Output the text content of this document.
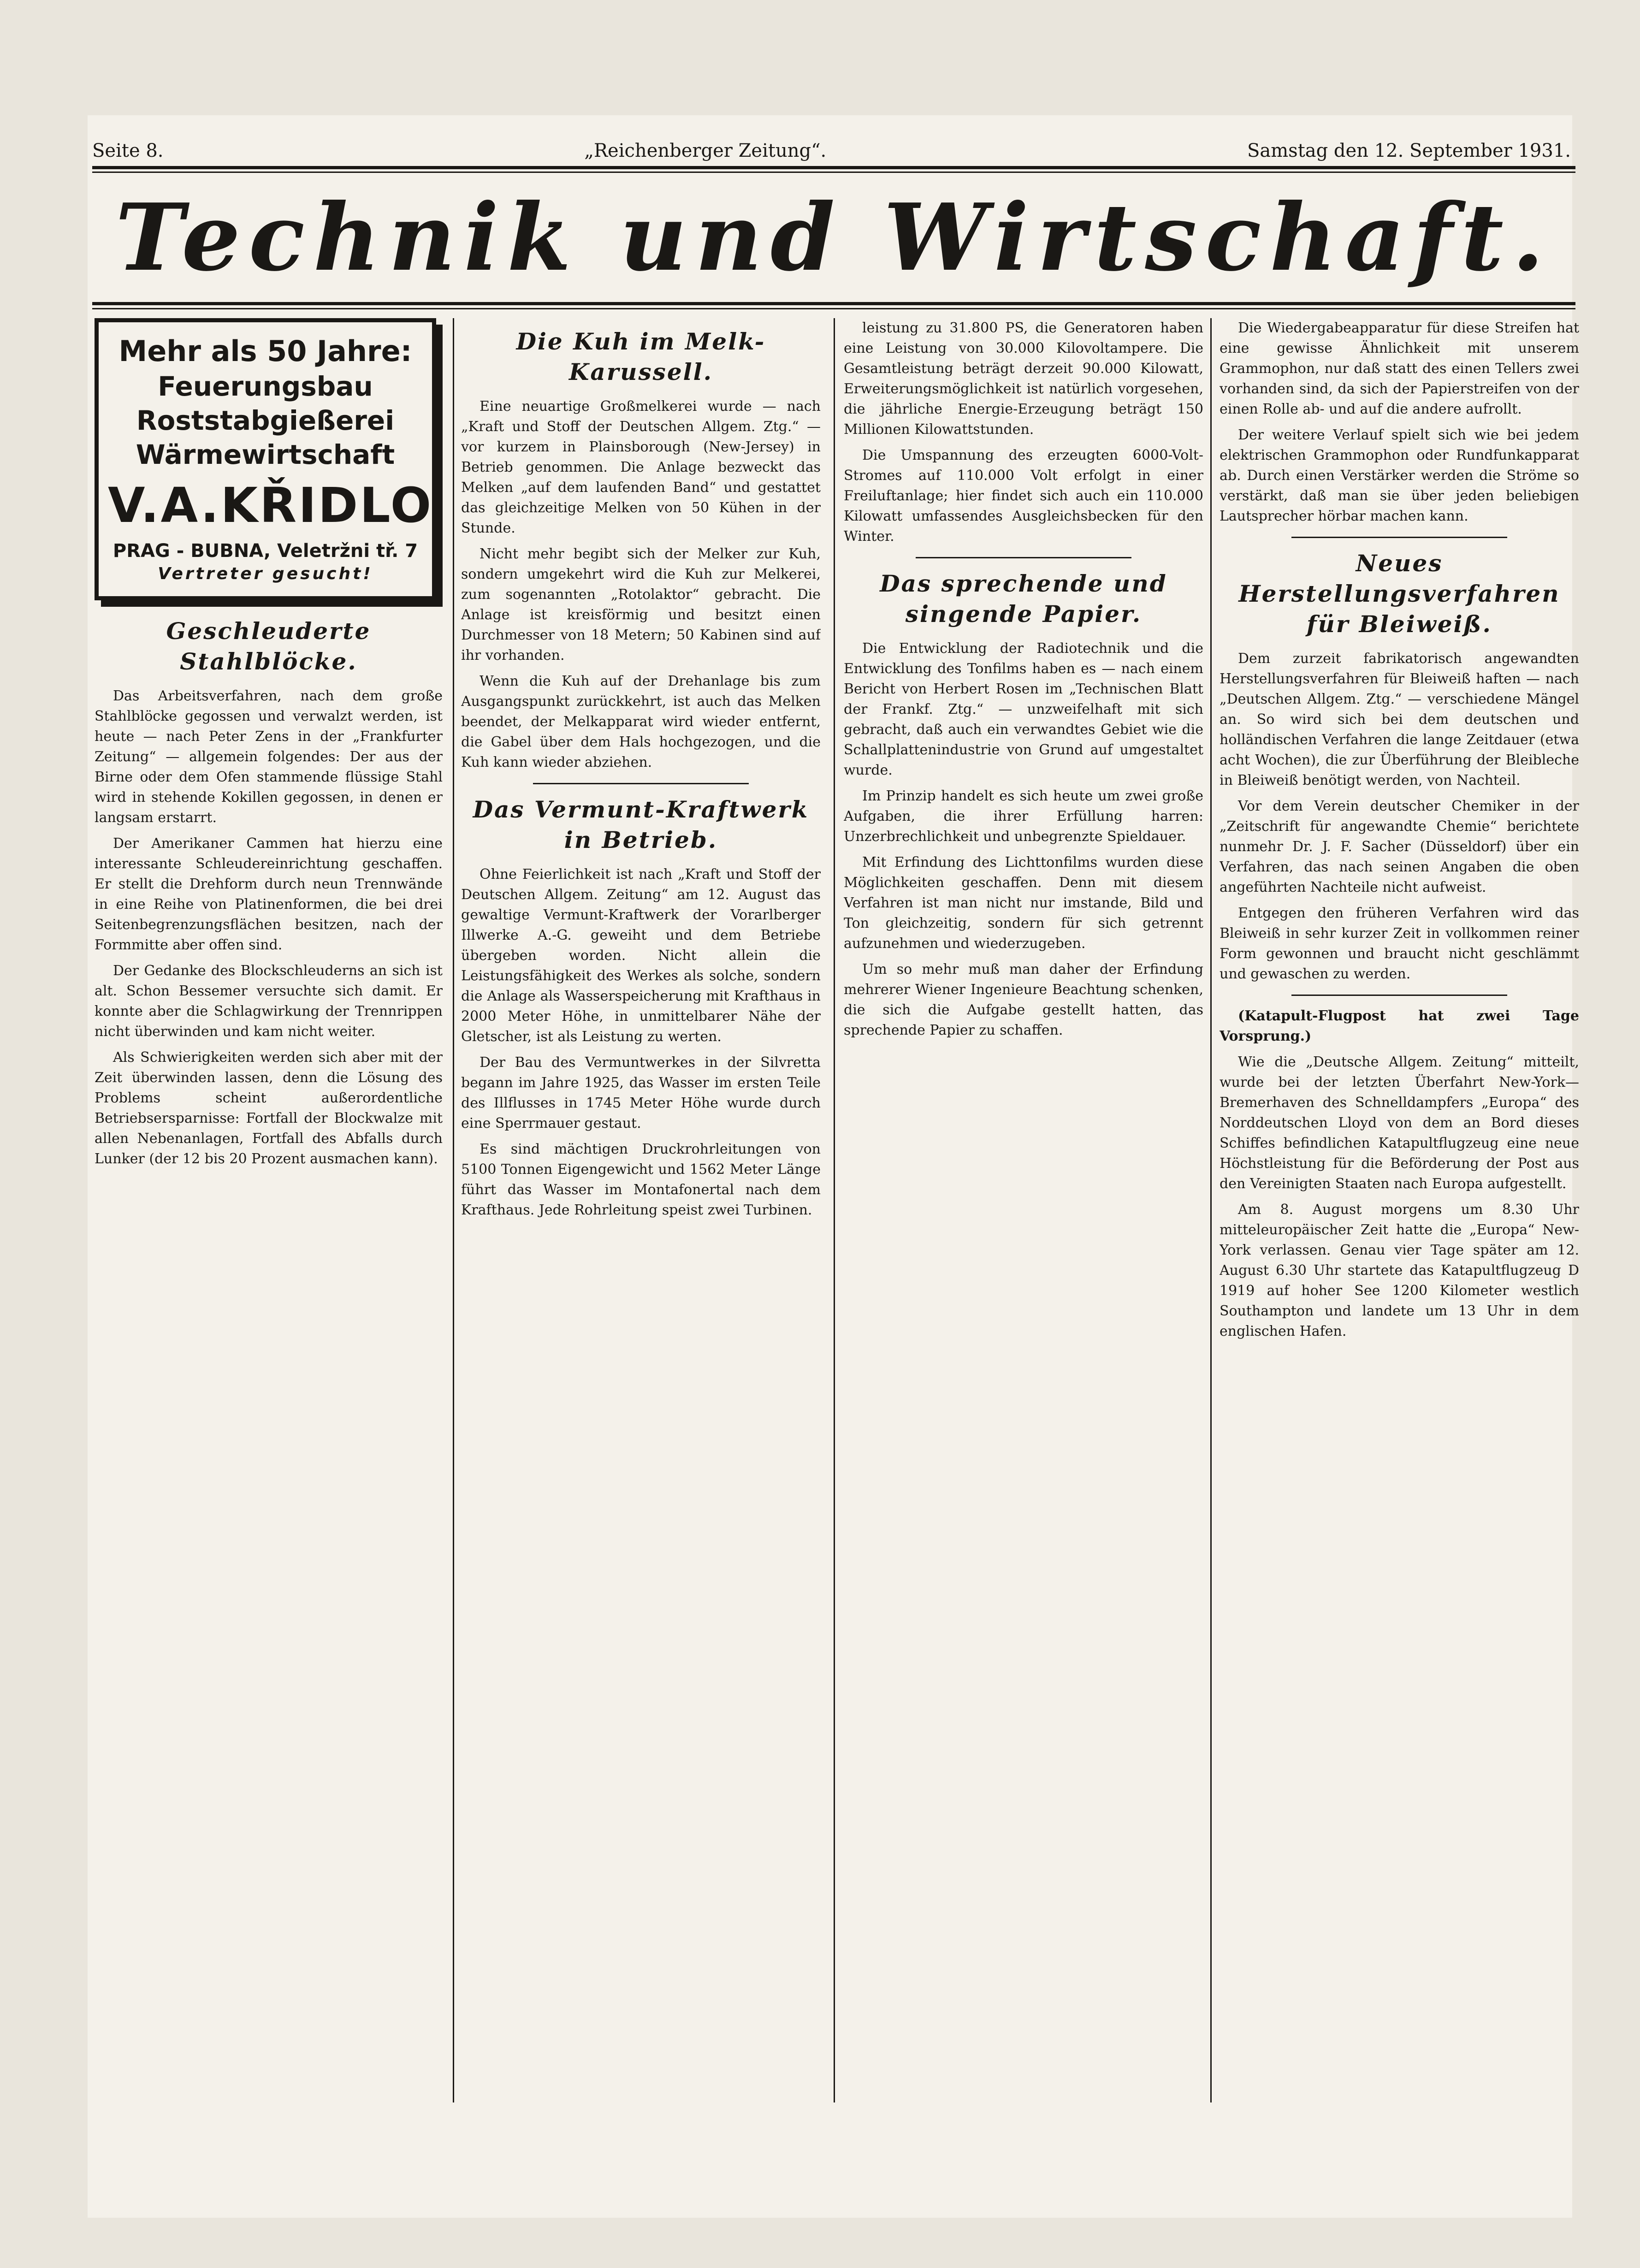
Seite 8.	„Reichenberger Zeitung“.	Samstag den 12. September 1931.
Technik und Wirtschaft.
Mehr als 50 Jahre:
Feuerungsbau
Roststabgießerei
Wärmewirtschaft
V.A.KŘIDLO
PRAG - BUBNA, Veletržni tř. 7
Vertreter gesucht!
Geschleuderte Stahlblöcke.

Das Arbeitsverfahren, nach dem große Stahlblöcke gegossen und verwalzt werden, ist heute — nach Peter Zens in der „Frankfurter Zeitung“ — allgemein folgendes: Der aus der Birne oder dem Ofen stammende flüssige Stahl wird in stehende Kokillen gegossen, in denen er langsam erstarrt.

Der Amerikaner Cammen hat hierzu eine interessante Schleudereinrichtung geschaffen. Er stellt die Drehform durch neun Trennwände in eine Reihe von Platinenformen, die bei drei Seitenbegrenzungsflächen besitzen, nach der Formmitte aber offen sind.

Der Gedanke des Blockschleuderns an sich ist alt. Schon Bessemer versuchte sich damit. Er konnte aber die Schlagwirkung der Trennrippen nicht überwinden und kam nicht weiter.

Als Schwierigkeiten werden sich aber mit der Zeit überwinden lassen, denn die Lösung des Problems scheint außerordentliche Betriebsersparnisse: Fortfall der Blockwalze mit allen Nebenanlagen, Fortfall des Abfalls durch Lunker (der 12 bis 20 Prozent ausmachen kann).

Die Kuh im Melk-Karussell.

Eine neuartige Großmelkerei wurde — nach „Kraft und Stoff der Deutschen Allgem. Ztg.“ — vor kurzem in Plainsborough (New-Jersey) in Betrieb genommen. Die Anlage bezweckt das Melken „auf dem laufenden Band“ und gestattet das gleichzeitige Melken von 50 Kühen in der Stunde.

Nicht mehr begibt sich der Melker zur Kuh, sondern umgekehrt wird die Kuh zur Melkerei, zum sogenannten „Rotolaktor“ gebracht. Die Anlage ist kreisförmig und besitzt einen Durchmesser von 18 Metern; 50 Kabinen sind auf ihr vorhanden.

Wenn die Kuh auf der Drehanlage bis zum Ausgangspunkt zurückkehrt, ist auch das Melken beendet, der Melkapparat wird wieder entfernt, die Gabel über dem Hals hochgezogen, und die Kuh kann wieder abziehen.

Das Vermunt-Kraftwerk in Betrieb.

Ohne Feierlichkeit ist nach „Kraft und Stoff der Deutschen Allgem. Zeitung“ am 12. August das gewaltige Vermunt-Kraftwerk der Vorarlberger Illwerke A.-G. geweiht und dem Betriebe übergeben worden. Nicht allein die Leistungsfähigkeit des Werkes als solche, sondern die Anlage als Wasserspeicherung mit Krafthaus in 2000 Meter Höhe, in unmittelbarer Nähe der Gletscher, ist als Leistung zu werten.

Der Bau des Vermuntwerkes in der Silvretta begann im Jahre 1925, das Wasser im ersten Teile des Illflusses in 1745 Meter Höhe wurde durch eine Sperrmauer gestaut.

Es sind mächtigen Druckrohrleitungen von 5100 Tonnen Eigengewicht und 1562 Meter Länge führt das Wasser im Montafonertal nach dem Krafthaus. Jede Rohrleitung speist zwei Turbinen.

leistung zu 31.800 PS, die Generatoren haben eine Leistung von 30.000 Kilovoltampere. Die Gesamtleistung beträgt derzeit 90.000 Kilowatt, Erweiterungsmöglichkeit ist natürlich vorgesehen, die jährliche Energie-Erzeugung beträgt 150 Millionen Kilowattstunden.

Die Umspannung des erzeugten 6000-Volt-Stromes auf 110.000 Volt erfolgt in einer Freiluftanlage; hier findet sich auch ein 110.000 Kilowatt umfassendes Ausgleichsbecken für den Winter.

Das sprechende und singende Papier.

Die Entwicklung der Radiotechnik und die Entwicklung des Tonfilms haben es — nach einem Bericht von Herbert Rosen im „Technischen Blatt der Frankf. Ztg.“ — unzweifelhaft mit sich gebracht, daß auch ein verwandtes Gebiet wie die Schallplattenindustrie von Grund auf umgestaltet wurde.

Im Prinzip handelt es sich heute um zwei große Aufgaben, die ihrer Erfüllung harren: Unzerbrechlichkeit und unbegrenzte Spieldauer.

Mit Erfindung des Lichttonfilms wurden diese Möglichkeiten geschaffen. Denn mit diesem Verfahren ist man nicht nur imstande, Bild und Ton gleichzeitig, sondern für sich getrennt aufzunehmen und wiederzugeben.

Um so mehr muß man daher der Erfindung mehrerer Wiener Ingenieure Beachtung schenken, die sich die Aufgabe gestellt hatten, das sprechende Papier zu schaffen.

Die Wiedergabeapparatur für diese Streifen hat eine gewisse Ähnlichkeit mit unserem Grammophon, nur daß statt des einen Tellers zwei vorhanden sind, da sich der Papierstreifen von der einen Rolle ab- und auf die andere aufrollt.

Der weitere Verlauf spielt sich wie bei jedem elektrischen Grammophon oder Rundfunkapparat ab. Durch einen Verstärker werden die Ströme so verstärkt, daß man sie über jeden beliebigen Lautsprecher hörbar machen kann.

Neues Herstellungsverfahren für Bleiweiß.

Dem zurzeit fabrikatorisch angewandten Herstellungsverfahren für Bleiweiß haften — nach „Deutschen Allgem. Ztg.“ — verschiedene Mängel an. So wird sich bei dem deutschen und holländischen Verfahren die lange Zeitdauer (etwa acht Wochen), die zur Überführung der Bleibleche in Bleiweiß benötigt werden, von Nachteil.

Vor dem Verein deutscher Chemiker in der „Zeitschrift für angewandte Chemie“ berichtete nunmehr Dr. J. F. Sacher (Düsseldorf) über ein Verfahren, das nach seinen Angaben die oben angeführten Nachteile nicht aufweist.

Entgegen den früheren Verfahren wird das Bleiweiß in sehr kurzer Zeit in vollkommen reiner Form gewonnen und braucht nicht geschlämmt und gewaschen zu werden.

(Katapult-Flugpost hat zwei Tage Vorsprung.)

Wie die „Deutsche Allgem. Zeitung“ mitteilt, wurde bei der letzten Überfahrt New-York—Bremerhaven des Schnelldampfers „Europa“ des Norddeutschen Lloyd von dem an Bord dieses Schiffes befindlichen Katapultflugzeug eine neue Höchstleistung für die Beförderung der Post aus den Vereinigten Staaten nach Europa aufgestellt.

Am 8. August morgens um 8.30 Uhr mitteleuropäischer Zeit hatte die „Europa“ New-York verlassen. Genau vier Tage später am 12. August 6.30 Uhr startete das Katapultflugzeug D 1919 auf hoher See 1200 Kilometer westlich Southampton und landete um 13 Uhr in dem englischen Hafen.
